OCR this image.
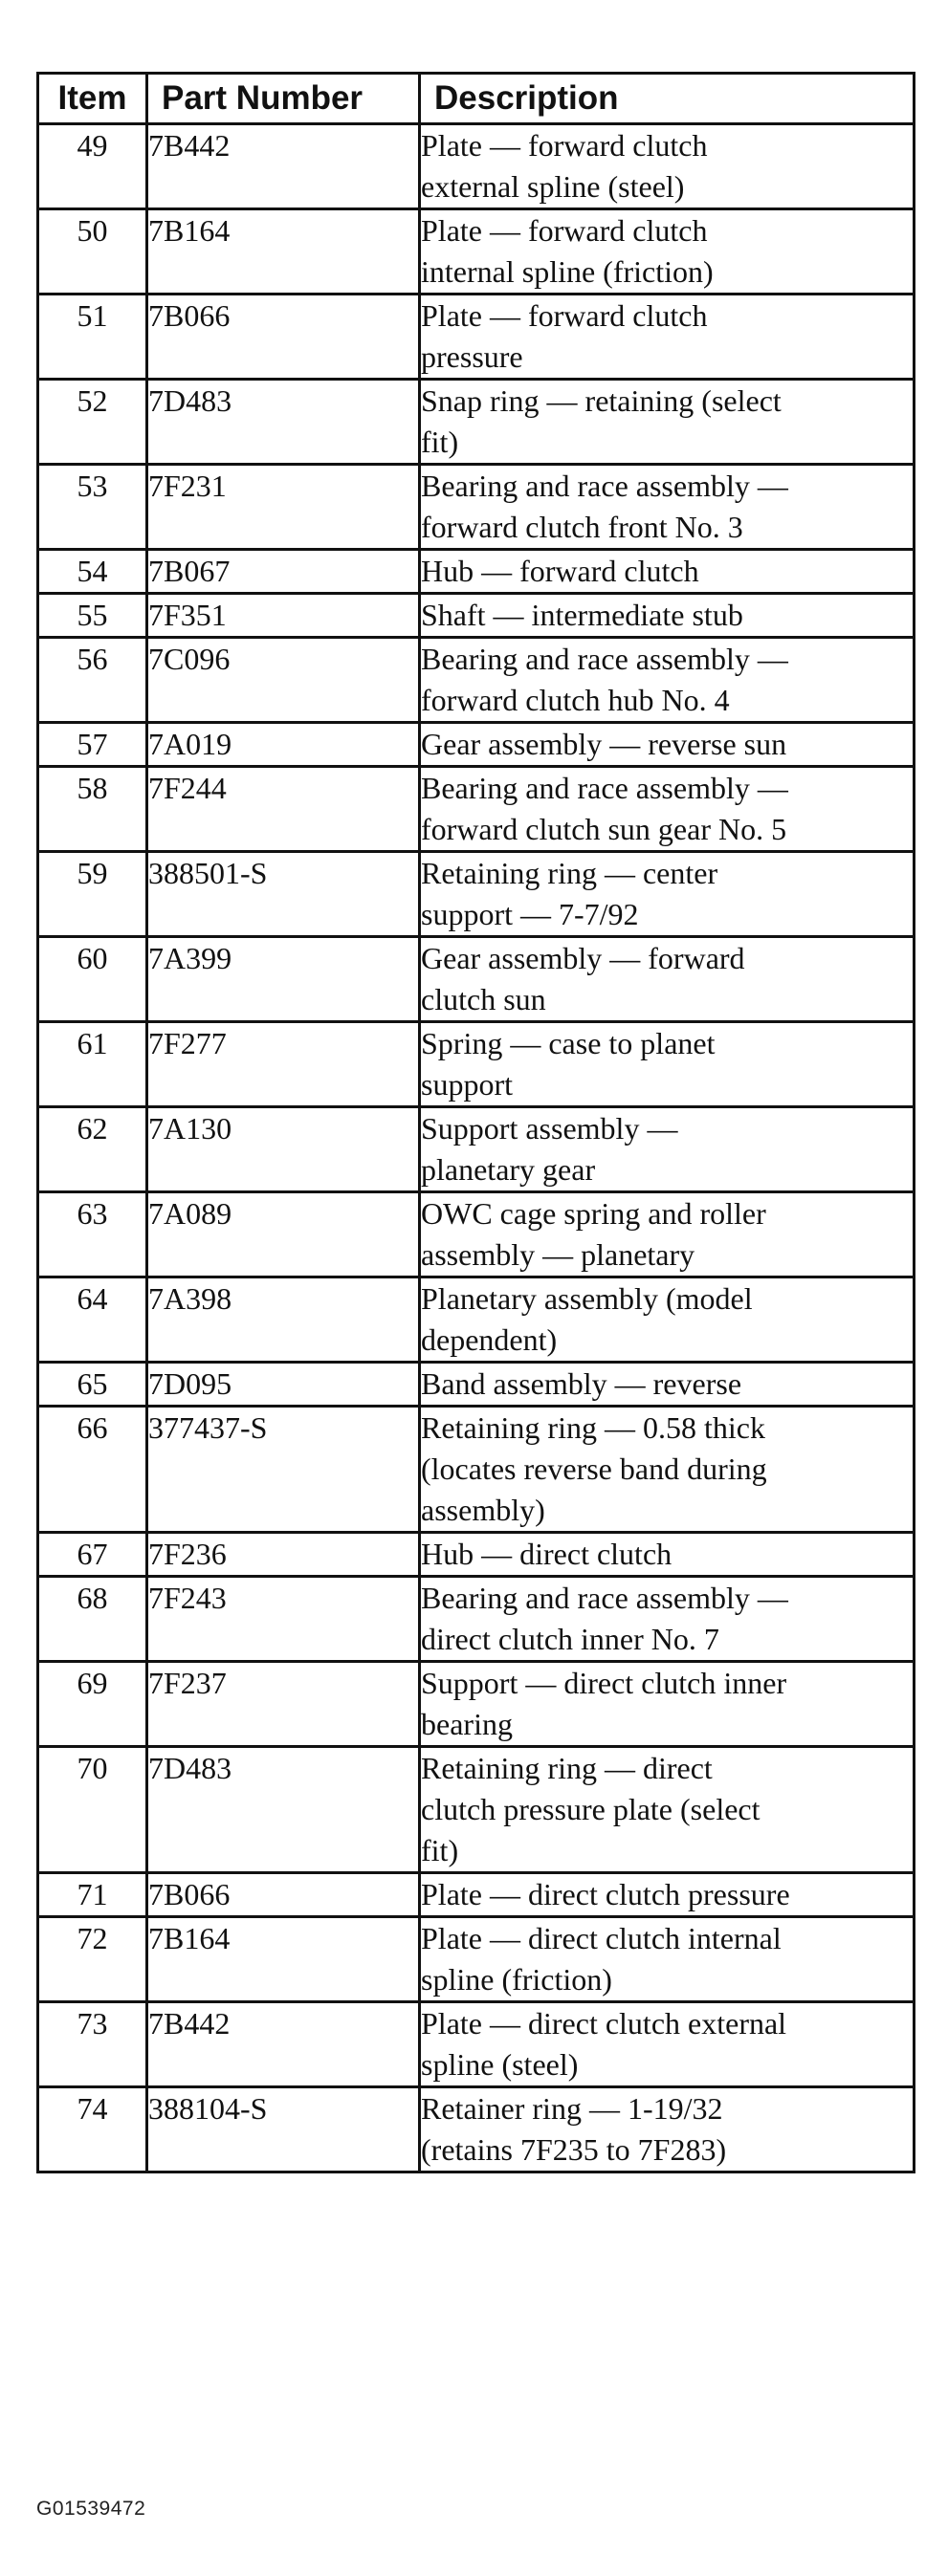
Item	Part Number	Description

49	7B442	Plate — forward clutch
external spline (steel)

50	7B164	Plate — forward clutch
internal spline (friction)

51	7B066	Plate — forward clutch
pressure

52	7D483	Snap ring — retaining (select
fit)

53	7F231	Bearing and race assembly —
forward clutch front No. 3

54	7B067	Hub — forward clutch

55	7F351	Shaft — intermediate stub

56	7C096	Bearing and race assembly —
forward clutch hub No. 4

57	7A019	Gear assembly — reverse sun

58	7F244	Bearing and race assembly —
forward clutch sun gear No. 5

59	388501-S	Retaining ring — center
support — 7-7/92

60	7A399	Gear assembly — forward
clutch sun

61	7F277	Spring — case to planet
support

62	7A130	Support assembly —
planetary gear

63	7A089	OWC cage spring and roller
assembly — planetary

64	7A398	Planetary assembly (model
dependent)

65	7D095	Band assembly — reverse

66	377437-S	Retaining ring — 0.58 thick
(locates reverse band during
assembly)

67	7F236	Hub — direct clutch

68	7F243	Bearing and race assembly —
direct clutch inner No. 7

69	7F237	Support — direct clutch inner
bearing

70	7D483	Retaining ring — direct
clutch pressure plate (select
fit)

71	7B066	Plate — direct clutch pressure

72	7B164	Plate — direct clutch internal
spline (friction)

73	7B442	Plate — direct clutch external
spline (steel)

74	388104-S	Retainer ring — 1-19/32
(retains 7F235 to 7F283)
G01539472
